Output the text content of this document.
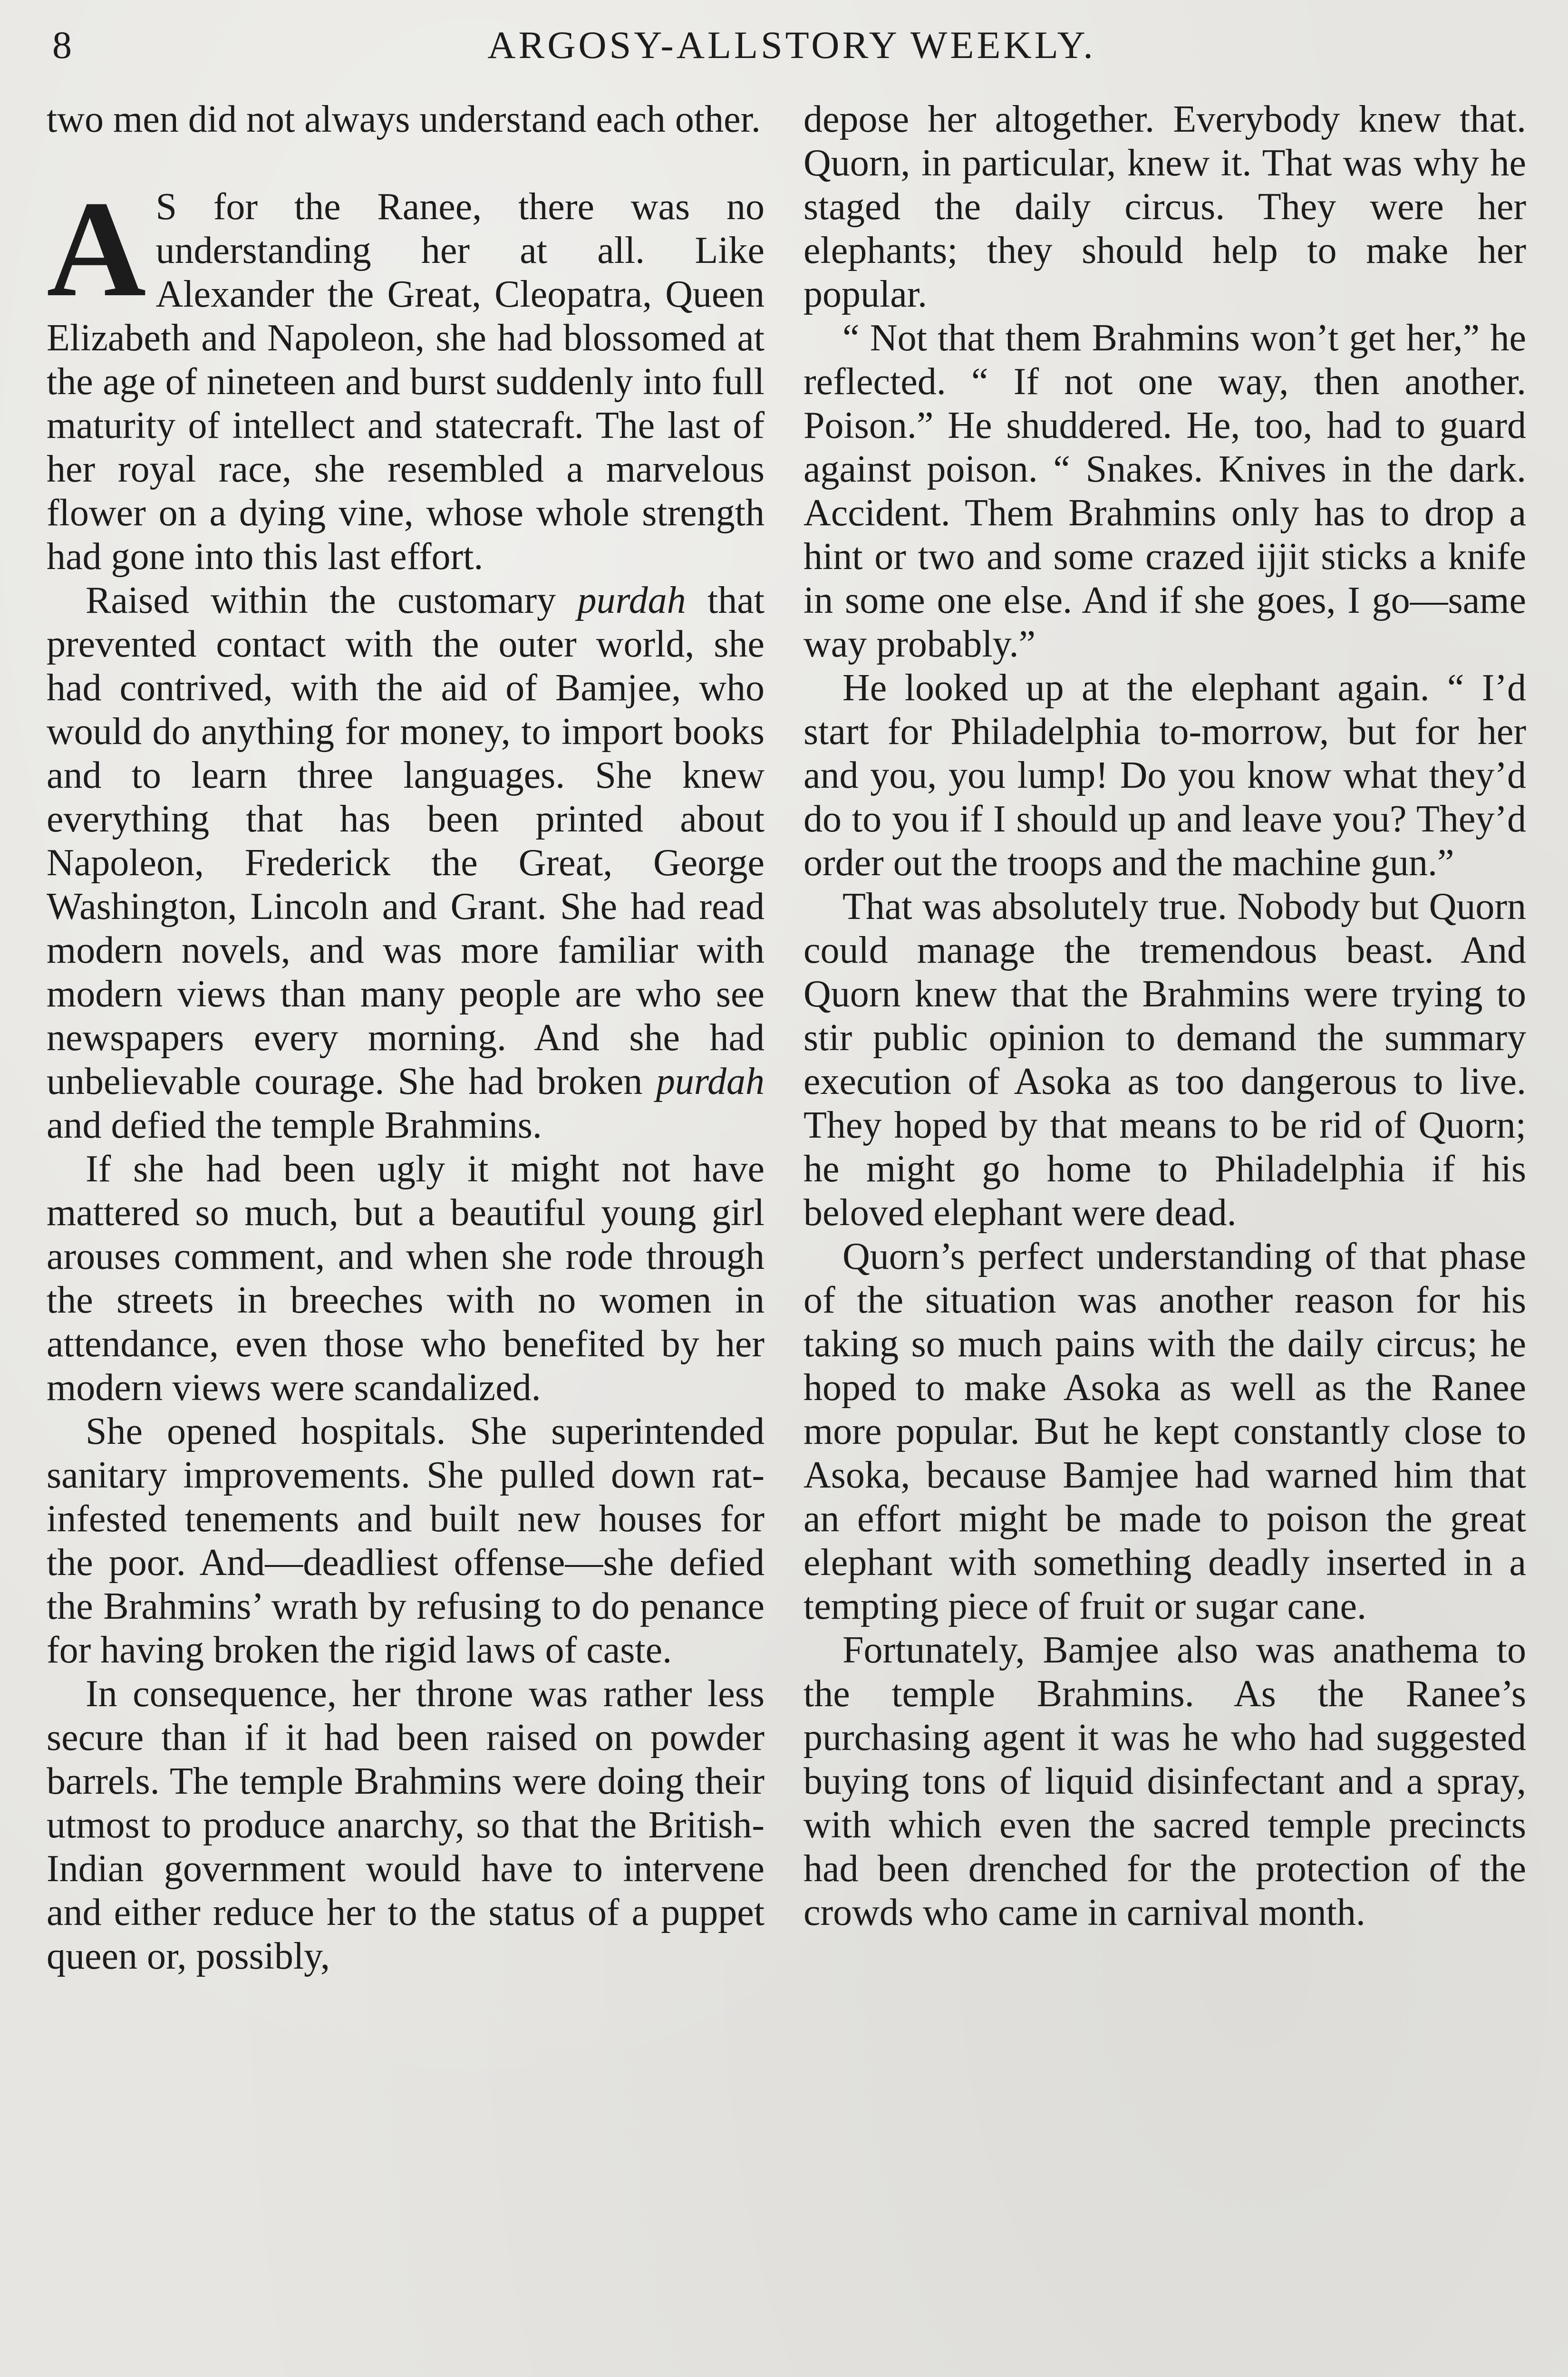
8	ARGOSY-ALLSTORY WEEKLY.

two men did not always understand each other.

A S for the Ranee, there was no understanding her at all. Like Alexander the Great, Cleopatra, Queen Elizabeth and Napoleon, she had blossomed at the age of nineteen and burst suddenly into full maturity of intellect and statecraft. The last of her royal race, she resembled a marvelous flower on a dying vine, whose whole strength had gone into this last effort.

Raised within the customary purdah that prevented contact with the outer world, she had contrived, with the aid of Bamjee, who would do anything for money, to import books and to learn three languages. She knew everything that has been printed about Napoleon, Frederick the Great, George Washington, Lincoln and Grant. She had read modern novels, and was more familiar with modern views than many people are who see newspapers every morning. And she had unbelievable courage. She had broken purdah and defied the temple Brahmins.

If she had been ugly it might not have mattered so much, but a beautiful young girl arouses comment, and when she rode through the streets in breeches with no women in attendance, even those who benefited by her modern views were scandalized.

She opened hospitals. She superintended sanitary improvements. She pulled down rat-infested tenements and built new houses for the poor. And—deadliest offense—she defied the Brahmins’ wrath by refusing to do penance for having broken the rigid laws of caste.

In consequence, her throne was rather less secure than if it had been raised on powder barrels. The temple Brahmins were doing their utmost to produce anarchy, so that the British-Indian government would have to intervene and either reduce her to the status of a puppet queen or, possibly,

depose her altogether. Everybody knew that. Quorn, in particular, knew it. That was why he staged the daily circus. They were her elephants; they should help to make her popular.

“ Not that them Brahmins won’t get her,” he reflected. “ If not one way, then another. Poison.” He shuddered. He, too, had to guard against poison. “ Snakes. Knives in the dark. Accident. Them Brahmins only has to drop a hint or two and some crazed ijjit sticks a knife in some one else. And if she goes, I go—same way probably.”

He looked up at the elephant again. “ I’d start for Philadelphia to-morrow, but for her and you, you lump! Do you know what they’d do to you if I should up and leave you? They’d order out the troops and the machine gun.”

That was absolutely true. Nobody but Quorn could manage the tremendous beast. And Quorn knew that the Brahmins were trying to stir public opinion to demand the summary execution of Asoka as too dangerous to live. They hoped by that means to be rid of Quorn; he might go home to Philadelphia if his beloved elephant were dead.

Quorn’s perfect understanding of that phase of the situation was another reason for his taking so much pains with the daily circus; he hoped to make Asoka as well as the Ranee more popular. But he kept constantly close to Asoka, because Bamjee had warned him that an effort might be made to poison the great elephant with something deadly inserted in a tempting piece of fruit or sugar cane.

Fortunately, Bamjee also was anathema to the temple Brahmins. As the Ranee’s purchasing agent it was he who had suggested buying tons of liquid disinfectant and a spray, with which even the sacred temple precincts had been drenched for the protection of the crowds who came in carnival month.
